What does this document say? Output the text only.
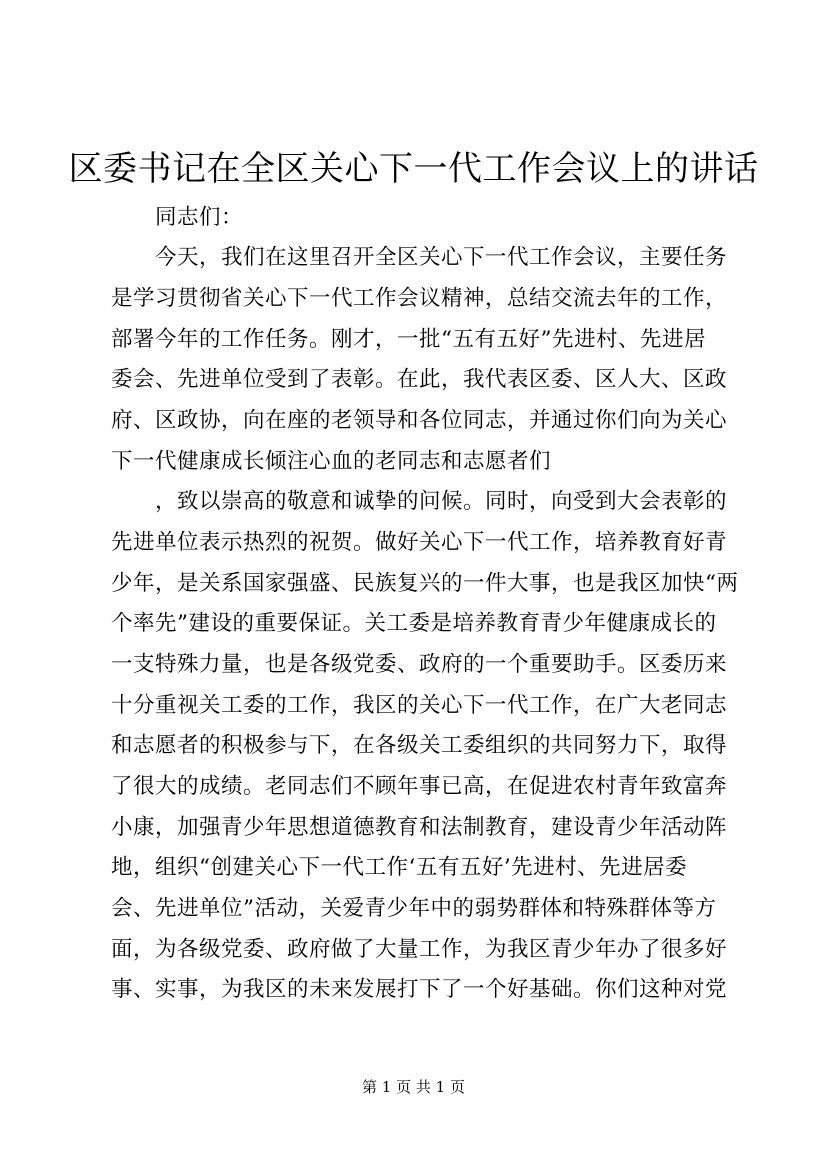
区委书记在全区关心下一代工作会议上的讲话
　　同志们：
　　今天，我们在这里召开全区关心下一代工作会议，主要任务
是学习贯彻省关心下一代工作会议精神，总结交流去年的工作，
部署今年的工作任务。刚才，一批“五有五好”先进村、先进居
委会、先进单位受到了表彰。在此，我代表区委、区人大、区政
府、区政协，向在座的老领导和各位同志，并通过你们向为关心
下一代健康成长倾注心血的老同志和志愿者们
　　，致以崇高的敬意和诚挚的问候。同时，向受到大会表彰的
先进单位表示热烈的祝贺。做好关心下一代工作，培养教育好青
少年，是关系国家强盛、民族复兴的一件大事，也是我区加快“两
个率先”建设的重要保证。关工委是培养教育青少年健康成长的
一支特殊力量，也是各级党委、政府的一个重要助手。区委历来
十分重视关工委的工作，我区的关心下一代工作，在广大老同志
和志愿者的积极参与下，在各级关工委组织的共同努力下，取得
了很大的成绩。老同志们不顾年事已高，在促进农村青年致富奔
小康，加强青少年思想道德教育和法制教育，建设青少年活动阵
地，组织“创建关心下一代工作‘五有五好’先进村、先进居委
会、先进单位”活动，关爱青少年中的弱势群体和特殊群体等方
面，为各级党委、政府做了大量工作，为我区青少年办了很多好
事、实事，为我区的未来发展打下了一个好基础。你们这种对党
第 1 页 共 1 页
